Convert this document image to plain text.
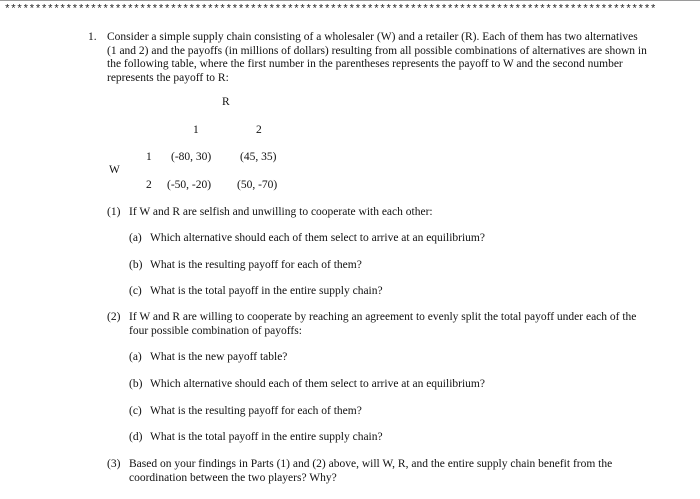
**********************************************************************************************************
1. Consider a simple supply chain consisting of a wholesaler (W) and a retailer (R). Each of them has two alternatives (1 and 2) and the payoffs (in millions of dollars) resulting from all possible combinations of alternatives are shown in the following table, where the first number in the parentheses represents the payoff to W and the second number represents the payoff to R:
R
1	2
W
1 (-80, 30)	(45, 35)
2 (-50, -20) (50, -70)
(1) If W and R are selfish and unwilling to cooperate with each other:
(a) Which alternative should each of them select to arrive at an equilibrium?
(b) What is the resulting payoff for each of them?
(c) What is the total payoff in the entire supply chain?
(2) If W and R are willing to cooperate by reaching an agreement to evenly split the total payoff under each of the four possible combination of payoffs:
(a) What is the new payoff table?
(b) Which alternative should each of them select to arrive at an equilibrium?
(c) What is the resulting payoff for each of them?
(d) What is the total payoff in the entire supply chain?
(3) Based on your findings in Parts (1) and (2) above, will W, R, and the entire supply chain benefit from the coordination between the two players? Why?
